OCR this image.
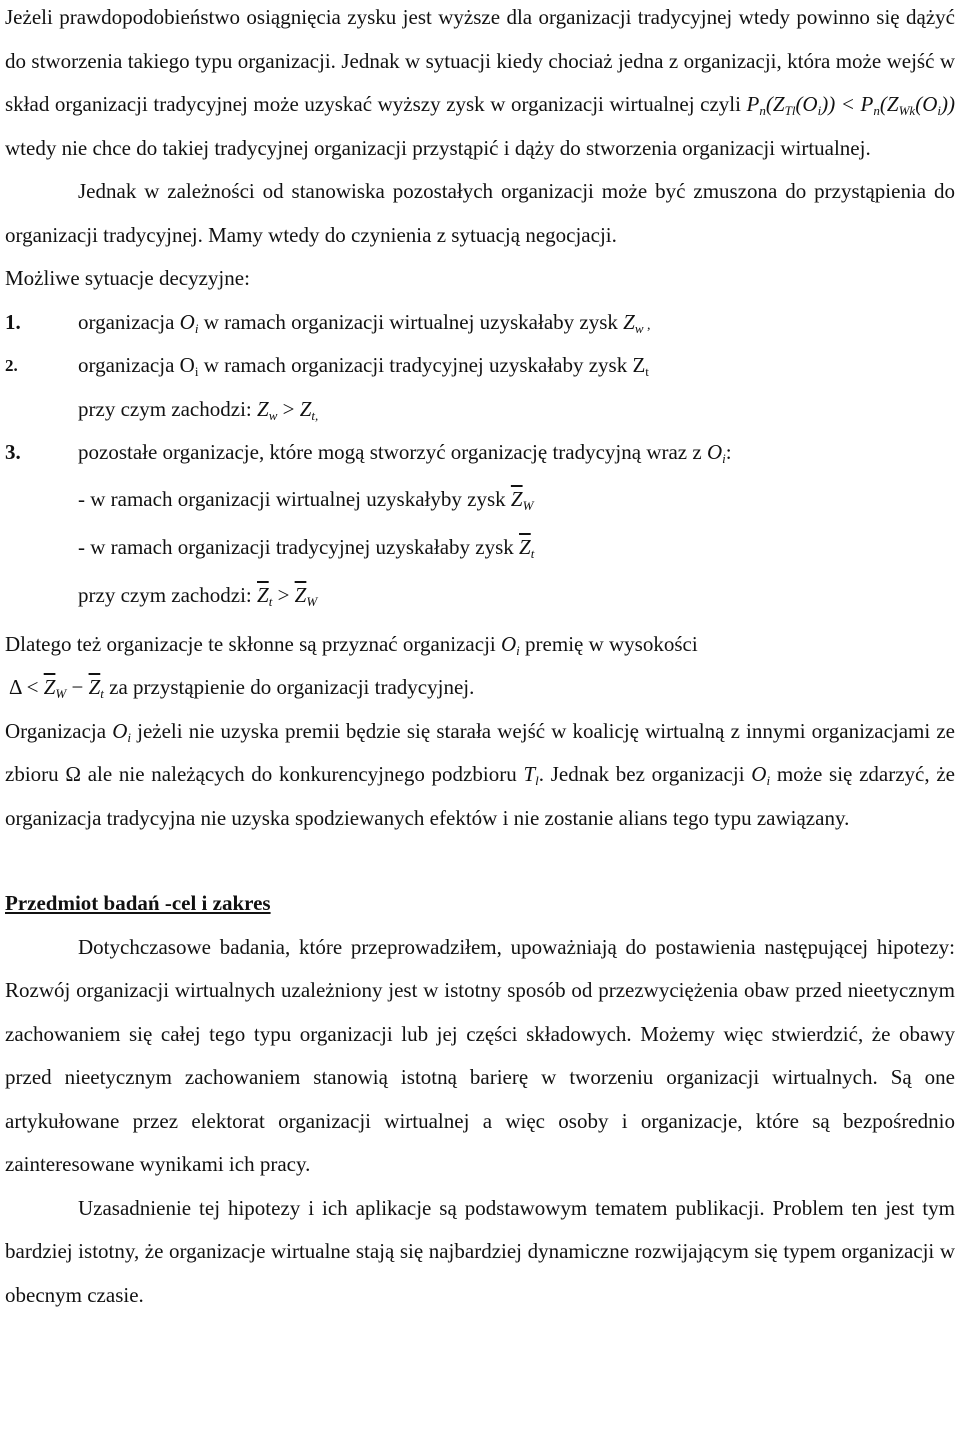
Jeżeli prawdopodobieństwo osiągnięcia zysku jest wyższe dla organizacji tradycyjnej wtedy powinno się dążyć do stworzenia takiego typu organizacji. Jednak w sytuacji kiedy chociaż jedna z organizacji, która może wejść w skład organizacji tradycyjnej może uzyskać wyższy zysk w organizacji wirtualnej czyli $P_n(Z_{Tl}(O_i)) < P_n(Z_{Wk}(O_i))$ wtedy nie chce do takiej tradycyjnej organizacji przystąpić i dąży do stworzenia organizacji wirtualnej.

Jednak w zależności od stanowiska pozostałych organizacji może być zmuszona do przystąpienia do organizacji tradycyjnej. Mamy wtedy do czynienia z sytuacją negocjacji.

Możliwe sytuacje decyzyjne:

1.	organizacja $O_i$ w ramach organizacji wirtualnej uzyskałaby zysk $Z_w$ ,
2.	organizacja $O_i$ w ramach organizacji tradycyjnej uzyskałaby zysk $Z_t$
przy czym zachodzi: $Z_w > Z_{t,}$
3.	pozostałe organizacje, które mogą stworzyć organizację tradycyjną wraz z $O_i$:
- w ramach organizacji wirtualnej uzyskałyby zysk $\overline{Z}_W$
- w ramach organizacji tradycyjnej uzyskałaby zysk $\overline{Z}_t$
przy czym zachodzi: $\overline{Z}_t > \overline{Z}_W$

Dlatego też organizacje te skłonne są przyznać organizacji $O_i$ premię w wysokości

$\Delta < \overline{Z}_W - \overline{Z}_t$ za przystąpienie do organizacji tradycyjnej.

Organizacja $O_i$ jeżeli nie uzyska premii będzie się starała wejść w koalicję wirtualną z innymi organizacjami ze zbioru Ω ale nie należących do konkurencyjnego podzbioru $T_l$. Jednak bez organizacji $O_i$ może się zdarzyć, że organizacja tradycyjna nie uzyska spodziewanych efektów i nie zostanie alians tego typu zawiązany.

Przedmiot badań -cel i zakres

Dotychczasowe badania, które przeprowadziłem, upoważniają do postawienia następującej hipotezy: Rozwój organizacji wirtualnych uzależniony jest w istotny sposób od przezwyciężenia obaw przed nieetycznym zachowaniem się całej tego typu organizacji lub jej części składowych. Możemy więc stwierdzić, że obawy przed nieetycznym zachowaniem stanowią istotną barierę w tworzeniu organizacji wirtualnych. Są one artykułowane przez elektorat organizacji wirtualnej a więc osoby i organizacje, które są bezpośrednio zainteresowane wynikami ich pracy.

Uzasadnienie tej hipotezy i ich aplikacje są podstawowym tematem publikacji. Problem ten jest tym bardziej istotny, że organizacje wirtualne stają się najbardziej dynamiczne rozwijającym się typem organizacji w obecnym czasie.
